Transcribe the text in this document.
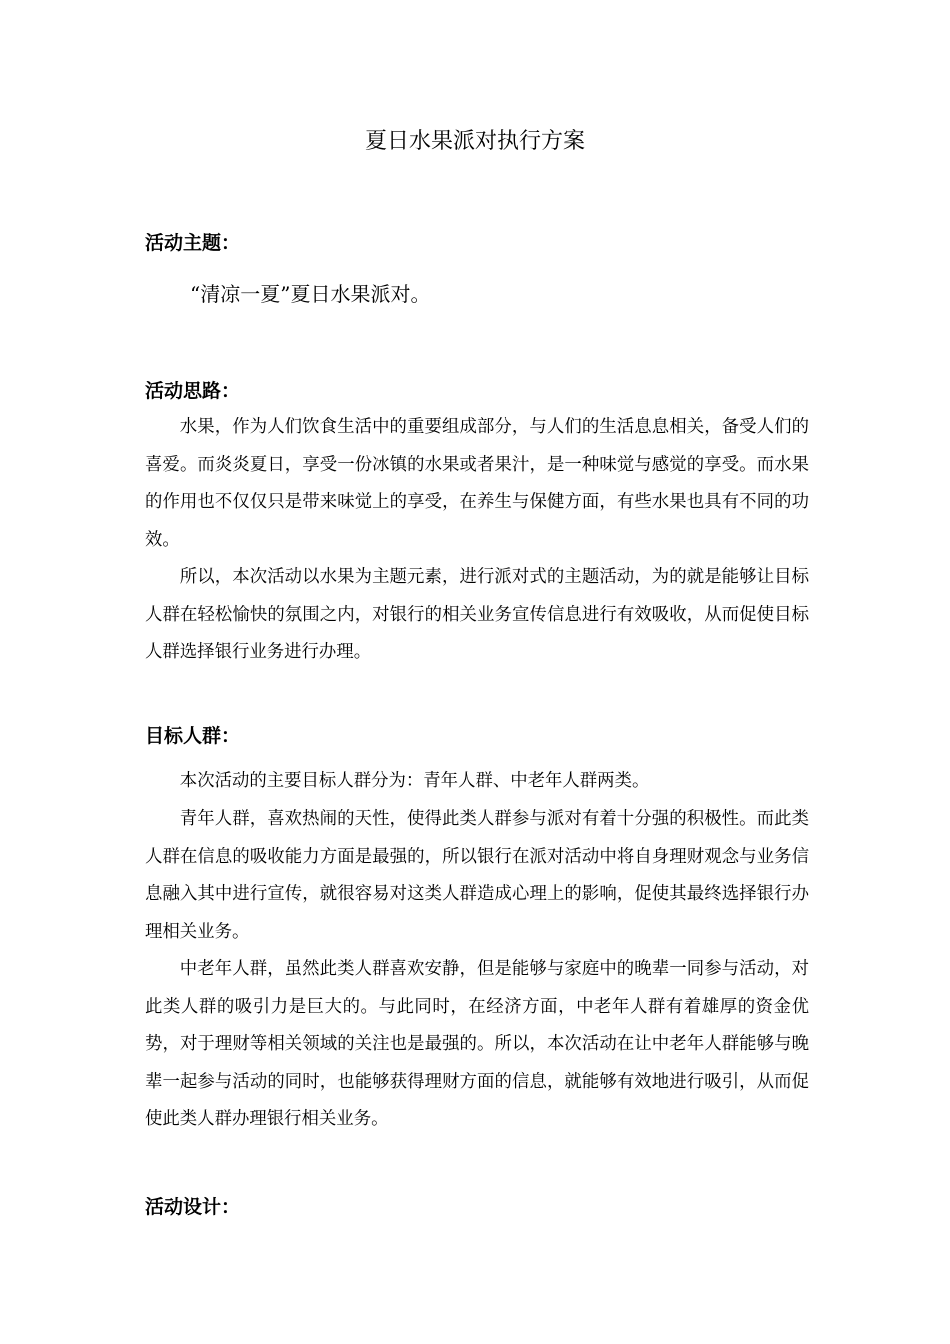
夏日水果派对执行方案
活动主题：

“清凉一夏”夏日水果派对。

活动思路：

水果，作为人们饮食生活中的重要组成部分，与人们的生活息息相关，备受人们的喜爱。而炎炎夏日，享受一份冰镇的水果或者果汁，是一种味觉与感觉的享受。而水果的作用也不仅仅只是带来味觉上的享受，在养生与保健方面，有些水果也具有不同的功效。

所以，本次活动以水果为主题元素，进行派对式的主题活动，为的就是能够让目标人群在轻松愉快的氛围之内，对银行的相关业务宣传信息进行有效吸收，从而促使目标人群选择银行业务进行办理。

目标人群：

本次活动的主要目标人群分为：青年人群、中老年人群两类。

青年人群，喜欢热闹的天性，使得此类人群参与派对有着十分强的积极性。而此类人群在信息的吸收能力方面是最强的，所以银行在派对活动中将自身理财观念与业务信息融入其中进行宣传，就很容易对这类人群造成心理上的影响，促使其最终选择银行办理相关业务。

中老年人群，虽然此类人群喜欢安静，但是能够与家庭中的晚辈一同参与活动，对此类人群的吸引力是巨大的。与此同时，在经济方面，中老年人群有着雄厚的资金优势，对于理财等相关领域的关注也是最强的。所以，本次活动在让中老年人群能够与晚辈一起参与活动的同时，也能够获得理财方面的信息，就能够有效地进行吸引，从而促使此类人群办理银行相关业务。

活动设计：
